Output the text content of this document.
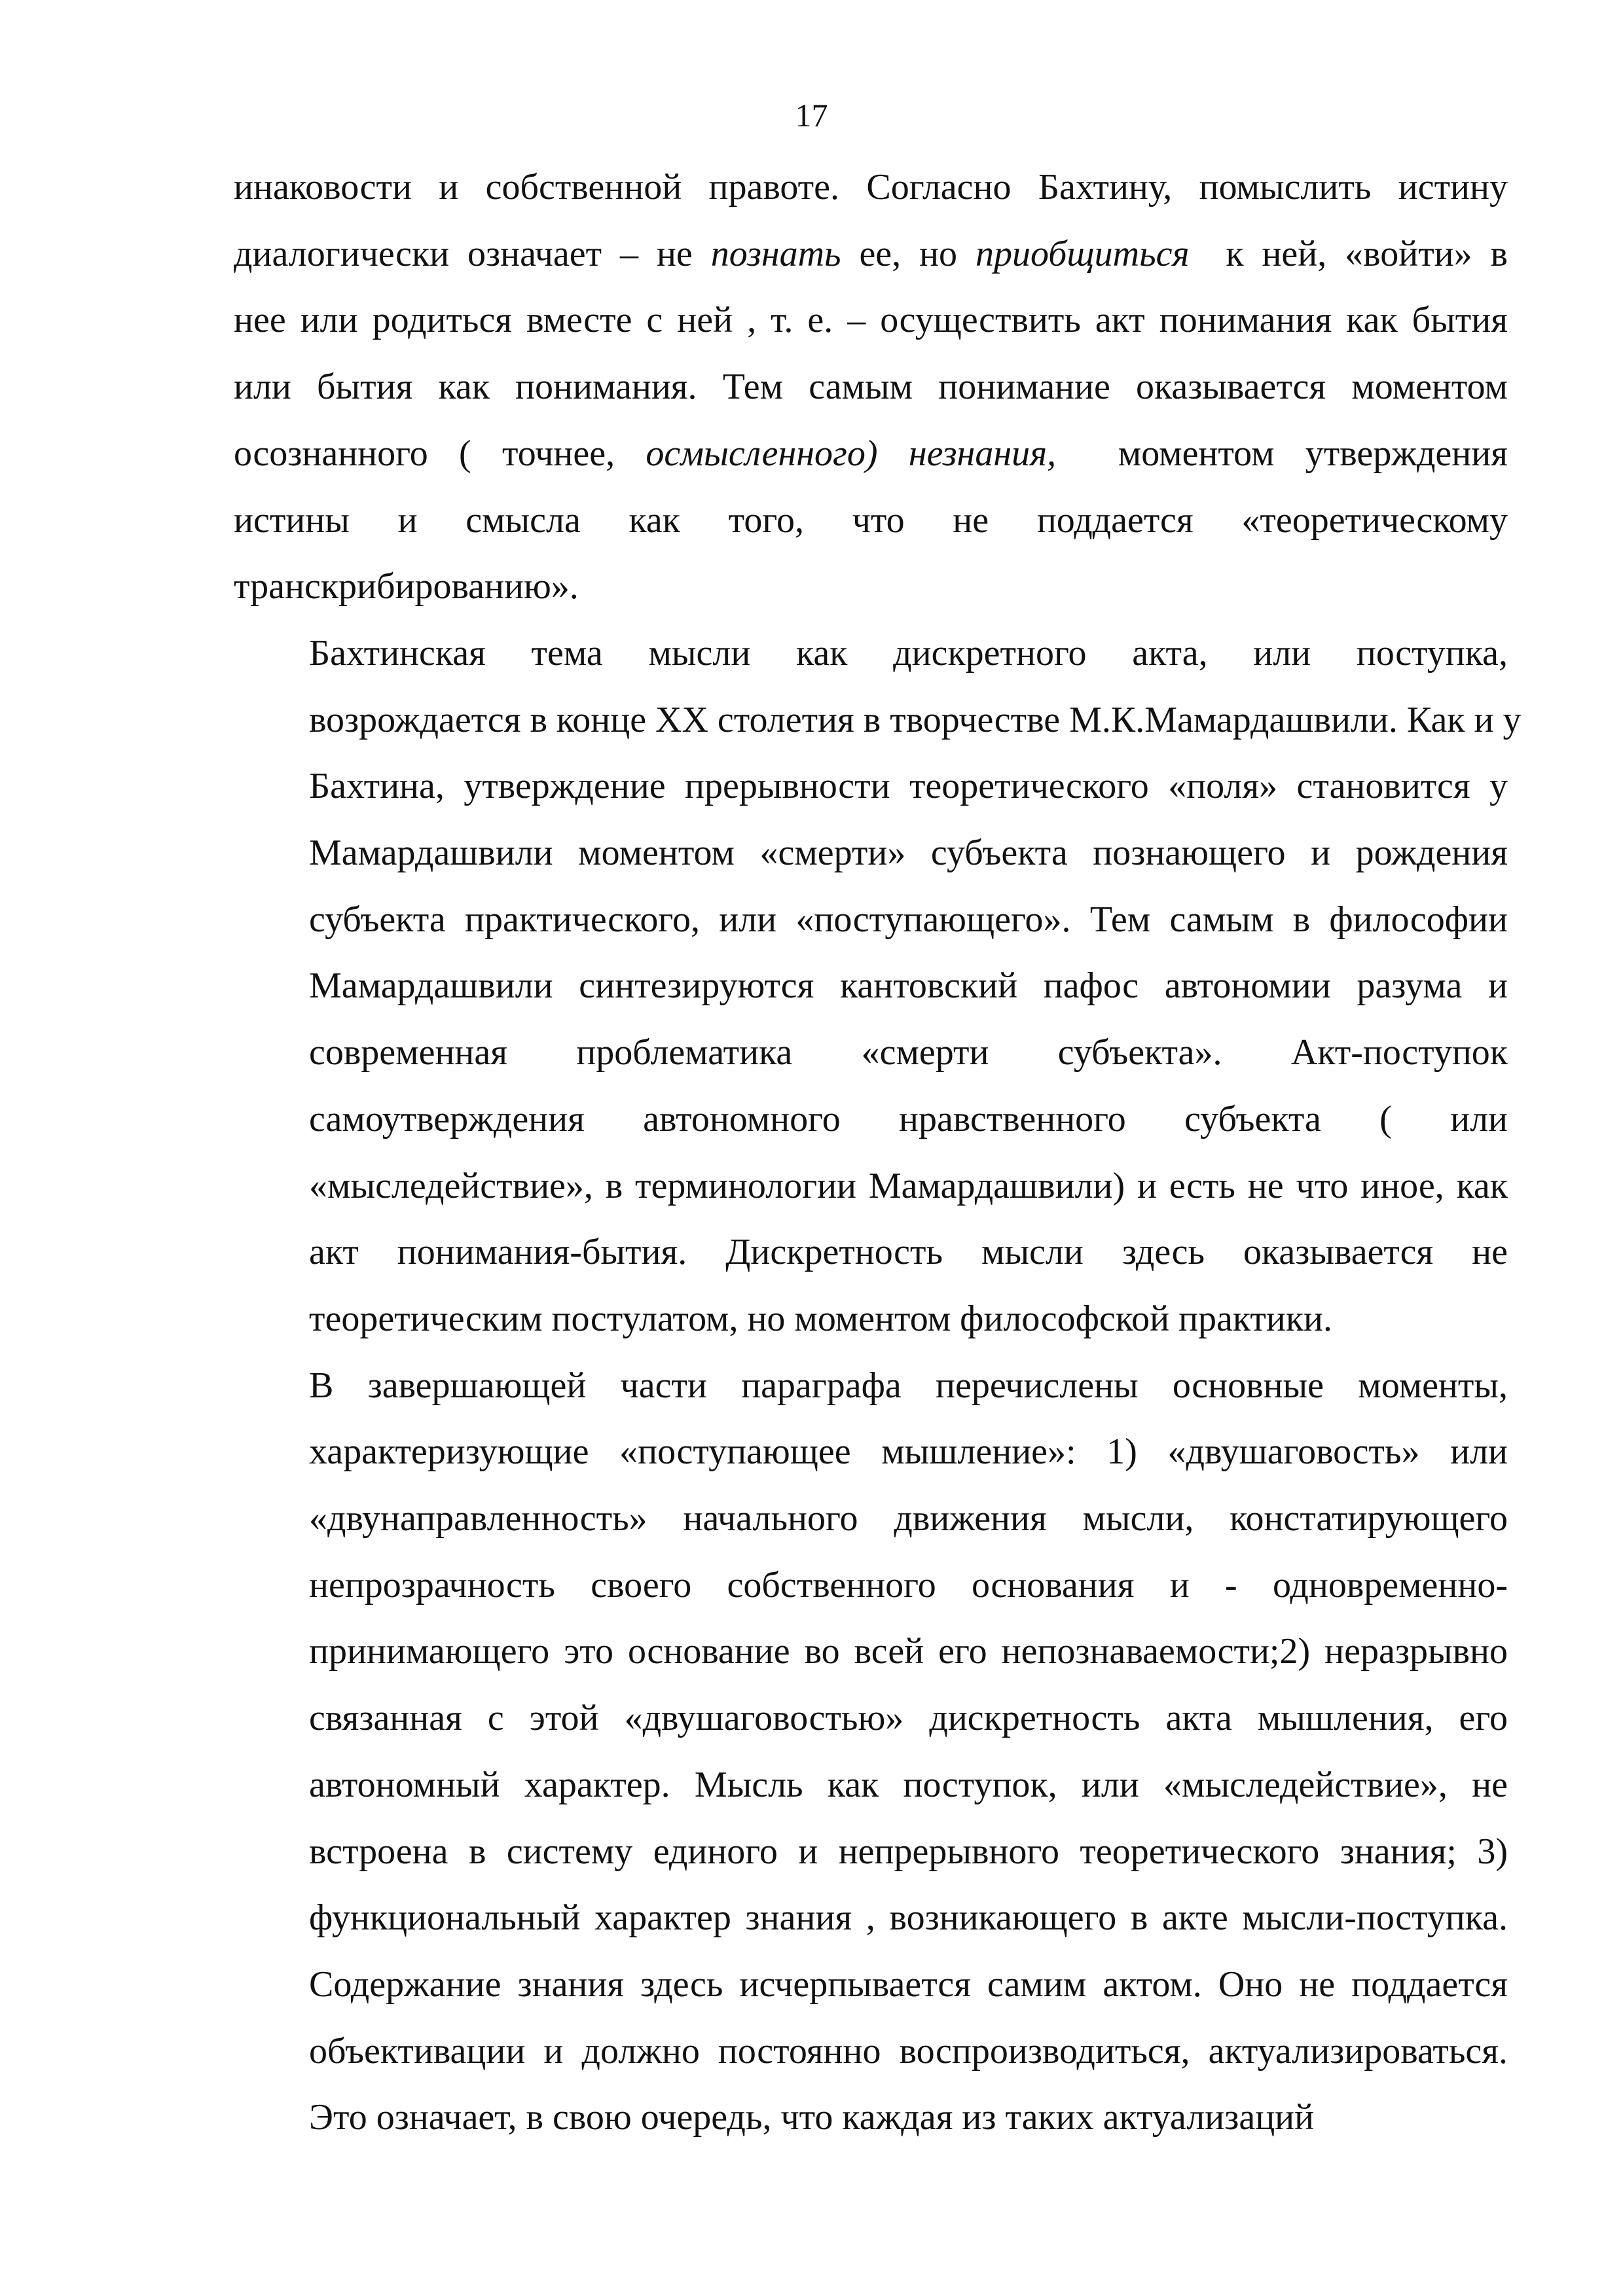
17

инаковости и собственной правоте. Согласно Бахтину, помыслить истину
диалогически означает – не познать ее, но приобщиться  к ней, «войти» в
нее или родиться вместе с ней , т. е. – осуществить акт понимания как бытия
или бытия как понимания. Тем самым понимание оказывается моментом
осознанного ( точнее, осмысленного) незнания,  моментом утверждения
истины и смысла как того, что не поддается «теоретическому
транскрибированию».

Бахтинская тема мысли как дискретного акта, или поступка,
возрождается в конце XX столетия в творчестве М.К.Мамардашвили. Как и у
Бахтина, утверждение прерывности теоретического «поля» становится у
Мамардашвили моментом «смерти» субъекта познающего и рождения
субъекта практического, или «поступающего». Тем самым в философии
Мамардашвили синтезируются кантовский пафос автономии разума и
современная проблематика «смерти субъекта». Акт-поступок
самоутверждения автономного нравственного субъекта ( или
«мыследействие», в терминологии Мамардашвили) и есть не что иное, как
акт понимания-бытия. Дискретность мысли здесь оказывается не
теоретическим постулатом, но моментом философской практики.

В завершающей части параграфа перечислены основные моменты,
характеризующие «поступающее мышление»: 1) «двушаговость» или
«двунаправленность» начального движения мысли, констатирующего
непрозрачность своего собственного основания и - одновременно-
принимающего это основание во всей его непознаваемости;2) неразрывно
связанная с этой «двушаговостью» дискретность акта мышления, его
автономный характер. Мысль как поступок, или «мыследействие», не
встроена в систему единого и непрерывного теоретического знания; 3)
функциональный характер знания , возникающего в акте мысли-поступка.
Содержание знания здесь исчерпывается самим актом. Оно не поддается
объективации и должно постоянно воспроизводиться, актуализироваться.
Это означает, в свою очередь, что каждая из таких актуализаций
